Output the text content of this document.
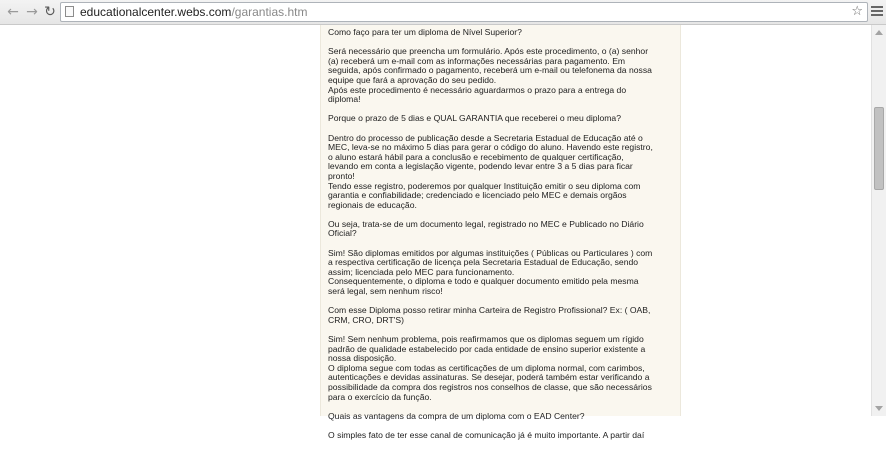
← → ↻ educationalcenter.webs.com/garantias.htm	☆

Como faço para ter um diploma de Nível Superior?

Será necessário que preencha um formulário. Após este procedimento, o (a) senhor
(a) receberá um e-mail com as informações necessárias para pagamento. Em
seguida, após confirmado o pagamento, receberá um e-mail ou telefonema da nossa
equipe que fará a aprovação do seu pedido.
Após este procedimento é necessário aguardarmos o prazo para a entrega do
diploma!

Porque o prazo de 5 dias e QUAL GARANTIA que receberei o meu diploma?

Dentro do processo de publicação desde a Secretaria Estadual de Educação até o
MEC, leva-se no máximo 5 dias para gerar o código do aluno. Havendo este registro,
o aluno estará hábil para a conclusão e recebimento de qualquer certificação,
levando em conta a legislação vigente, podendo levar entre 3 a 5 dias para ficar
pronto!
Tendo esse registro, poderemos por qualquer Instituição emitir o seu diploma com
garantia e confiabilidade; credenciado e licenciado pelo MEC e demais orgãos
regionais de educação.

Ou seja, trata-se de um documento legal, registrado no MEC e Publicado no Diário
Oficial?

Sim! São diplomas emitidos por algumas instituições ( Públicas ou Particulares ) com
a respectiva certificação de licença pela Secretaria Estadual de Educação, sendo
assim; licenciada pelo MEC para funcionamento.
Consequentemente, o diploma e todo e qualquer documento emitido pela mesma
será legal, sem nenhum risco!

Com esse Diploma posso retirar minha Carteira de Registro Profissional? Ex: ( OAB,
CRM, CRO, DRT'S)

Sim! Sem nenhum problema, pois reafirmamos que os diplomas seguem um rígido
padrão de qualidade estabelecido por cada entidade de ensino superior existente a
nossa disposição.
O diploma segue com todas as certificações de um diploma normal, com carimbos,
autenticações e devidas assinaturas. Se desejar, poderá também estar verificando a
possibilidade da compra dos registros nos conselhos de classe, que são necessários
para o exercício da função.

Quais as vantagens da compra de um diploma com o EAD Center?

O simples fato de ter esse canal de comunicação já é muito importante. A partir daí
